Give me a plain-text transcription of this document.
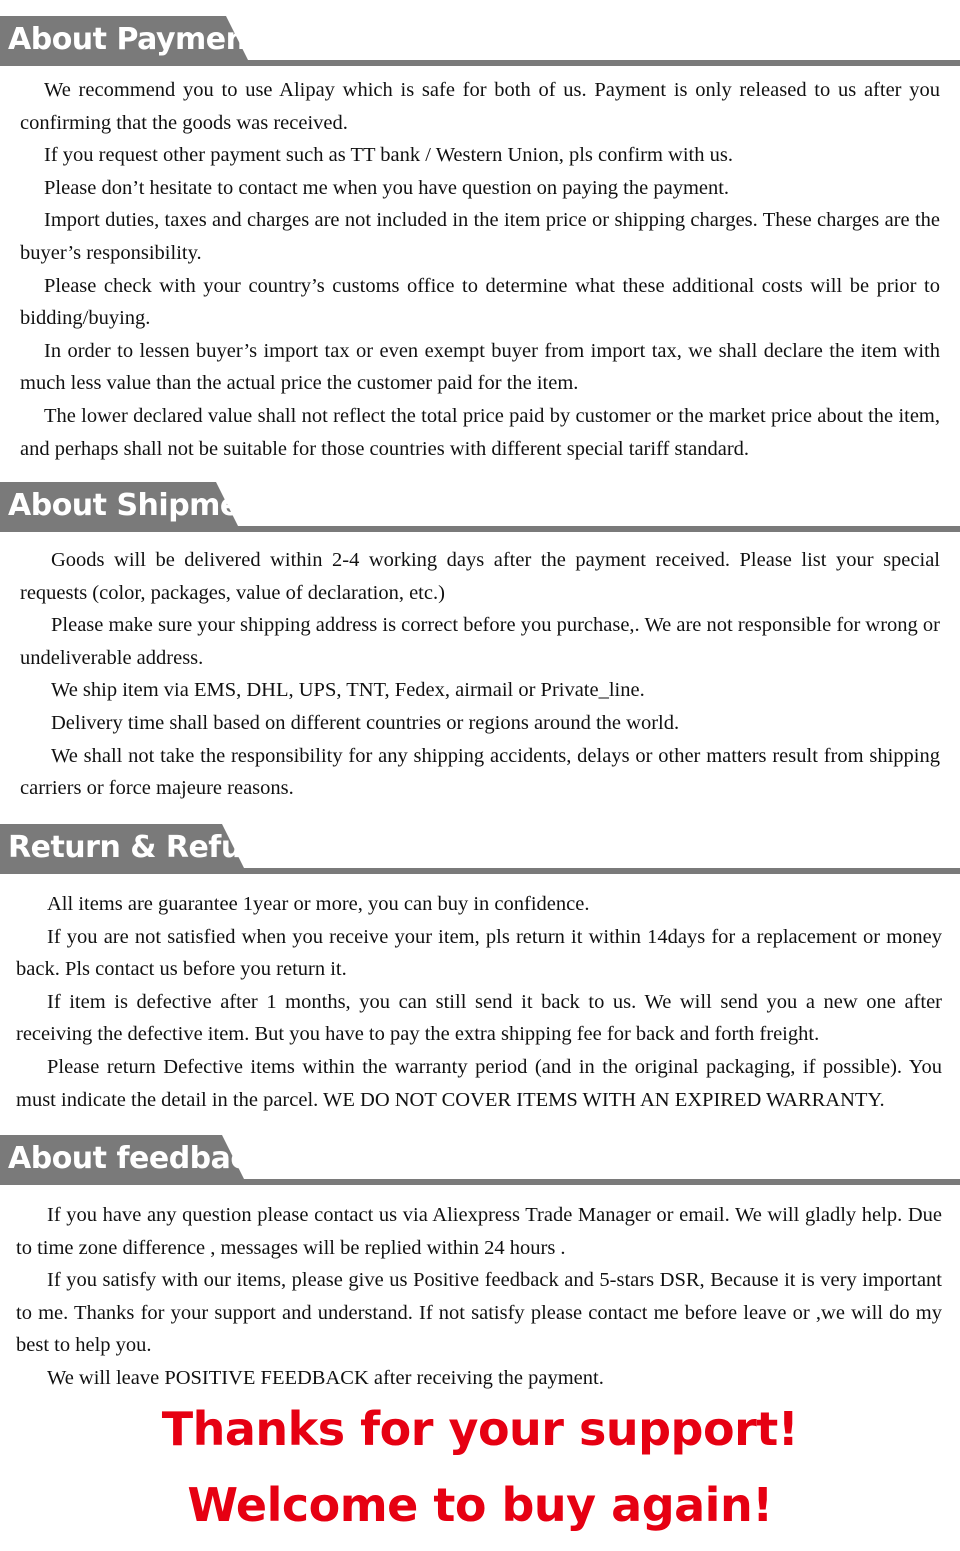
About Payment

We recommend you to use Alipay which is safe for both of us. Payment is only released to us after you confirming that the goods was received.

If you request other payment such as TT bank / Western Union, pls confirm with us.

Please don’t hesitate to contact me when you have question on paying the payment.

Import duties, taxes and charges are not included in the item price or shipping charges. These charges are the buyer’s responsibility.

Please check with your country’s customs office to determine what these additional costs will be prior to bidding/buying.

In order to lessen buyer’s import tax or even exempt buyer from import tax, we shall declare the item with much less value than the actual price the customer paid for the item.

The lower declared value shall not reflect the total price paid by customer or the market price about the item, and perhaps shall not be suitable for those countries with different special tariff standard.

About Shipment

Goods will be delivered within 2-4 working days after the payment received. Please list your special requests (color, packages, value of declaration, etc.)

Please make sure your shipping address is correct before you purchase,. We are not responsible for wrong or undeliverable address.

We ship item via EMS, DHL, UPS, TNT, Fedex, airmail or Private_line.

Delivery time shall based on different countries or regions around the world.

We shall not take the responsibility for any shipping accidents, delays or other matters result from shipping carriers or force majeure reasons.

Return & Refund

All items are guarantee 1year or more, you can buy in confidence.

If you are not satisfied when you receive your item, pls return it within 14days for a replacement or money back. Pls contact us before you return it.

If item is defective after 1 months, you can still send it back to us. We will send you a new one after receiving the defective item. But you have to pay the extra shipping fee for back and forth freight.

Please return Defective items within the warranty period (and in the original packaging, if possible). You must indicate the detail in the parcel. WE DO NOT COVER ITEMS WITH AN EXPIRED WARRANTY.

About feedback

If you have any question please contact us via Aliexpress Trade Manager or email. We will gladly help. Due to time zone difference , messages will be replied within 24 hours .

If you satisfy with our items, please give us Positive feedback and 5-stars DSR, Because it is very important to me. Thanks for your support and understand. If not satisfy please contact me before leave or ,we will do my best to help you.

We will leave POSITIVE FEEDBACK after receiving the payment.

Thanks for your support!
Welcome to buy again!
